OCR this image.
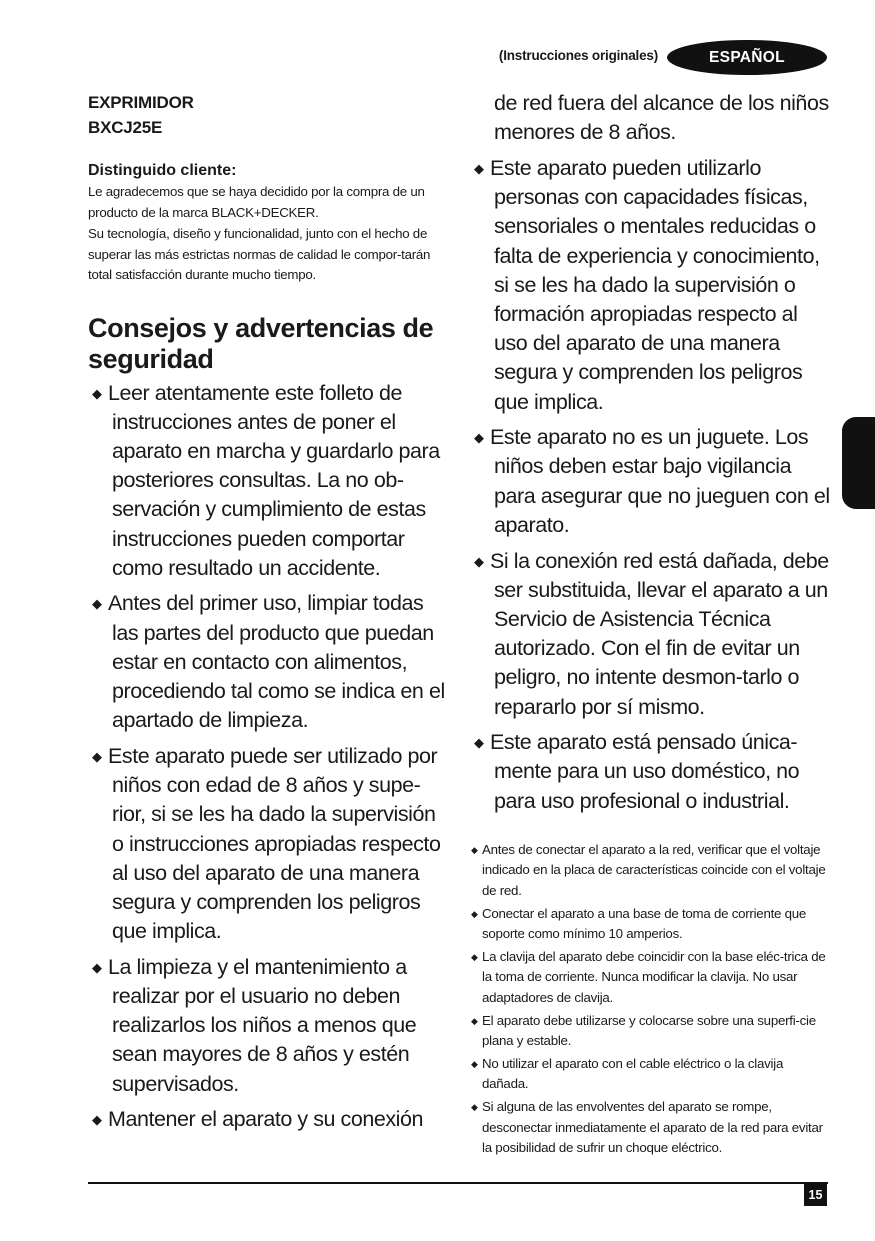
(Instrucciones originales)	ESPAÑOL
EXPRIMIDOR
BXCJ25E
Distinguido cliente:

Le agradecemos que se haya decidido por la compra de un producto de la marca BLACK+DECKER.

Su tecnología, diseño y funcionalidad, junto con el hecho de superar las más estrictas normas de calidad le compor-tarán total satisfacción durante mucho tiempo.

Consejos y advertencias de seguridad
◆ Leer atentamente este folleto de instrucciones antes de poner el aparato en marcha y guardarlo para posteriores consultas. La no ob-servación y cumplimiento de estas instrucciones pueden comportar como resultado un accidente.
◆ Antes del primer uso, limpiar todas las partes del producto que puedan estar en contacto con alimentos, procediendo tal como se indica en el apartado de limpieza.
◆ Este aparato puede ser utilizado por niños con edad de 8 años y supe-rior, si se les ha dado la supervisión o instrucciones apropiadas respecto al uso del aparato de una manera segura y comprenden los peligros que implica.
◆ La limpieza y el mantenimiento a realizar por el usuario no deben realizarlos los niños a menos que sean mayores de 8 años y estén supervisados.
◆ Mantener el aparato y su conexión
de red fuera del alcance de los niños menores de 8 años.
◆ Este aparato pueden utilizarlo personas con capacidades físicas, sensoriales o mentales reducidas o falta de experiencia y conocimiento, si se les ha dado la supervisión o formación apropiadas respecto al uso del aparato de una manera segura y comprenden los peligros que implica.
◆ Este aparato no es un juguete. Los niños deben estar bajo vigilancia para asegurar que no jueguen con el aparato.
◆ Si la conexión red está dañada, debe ser substituida, llevar el aparato a un Servicio de Asistencia Técnica autorizado. Con el fin de evitar un peligro, no intente desmon-tarlo o repararlo por sí mismo.
◆ Este aparato está pensado única-mente para un uso doméstico, no para uso profesional o industrial.
◆ Antes de conectar el aparato a la red, verificar que el voltaje indicado en la placa de características coincide con el voltaje de red.
◆ Conectar el aparato a una base de toma de corriente que soporte como mínimo 10 amperios.
◆ La clavija del aparato debe coincidir con la base eléc-trica de la toma de corriente. Nunca modificar la clavija. No usar adaptadores de clavija.
◆ El aparato debe utilizarse y colocarse sobre una superfi-cie plana y estable.
◆ No utilizar el aparato con el cable eléctrico o la clavija dañada.
◆ Si alguna de las envolventes del aparato se rompe, desconectar inmediatamente el aparato de la red para evitar la posibilidad de sufrir un choque eléctrico.
15
